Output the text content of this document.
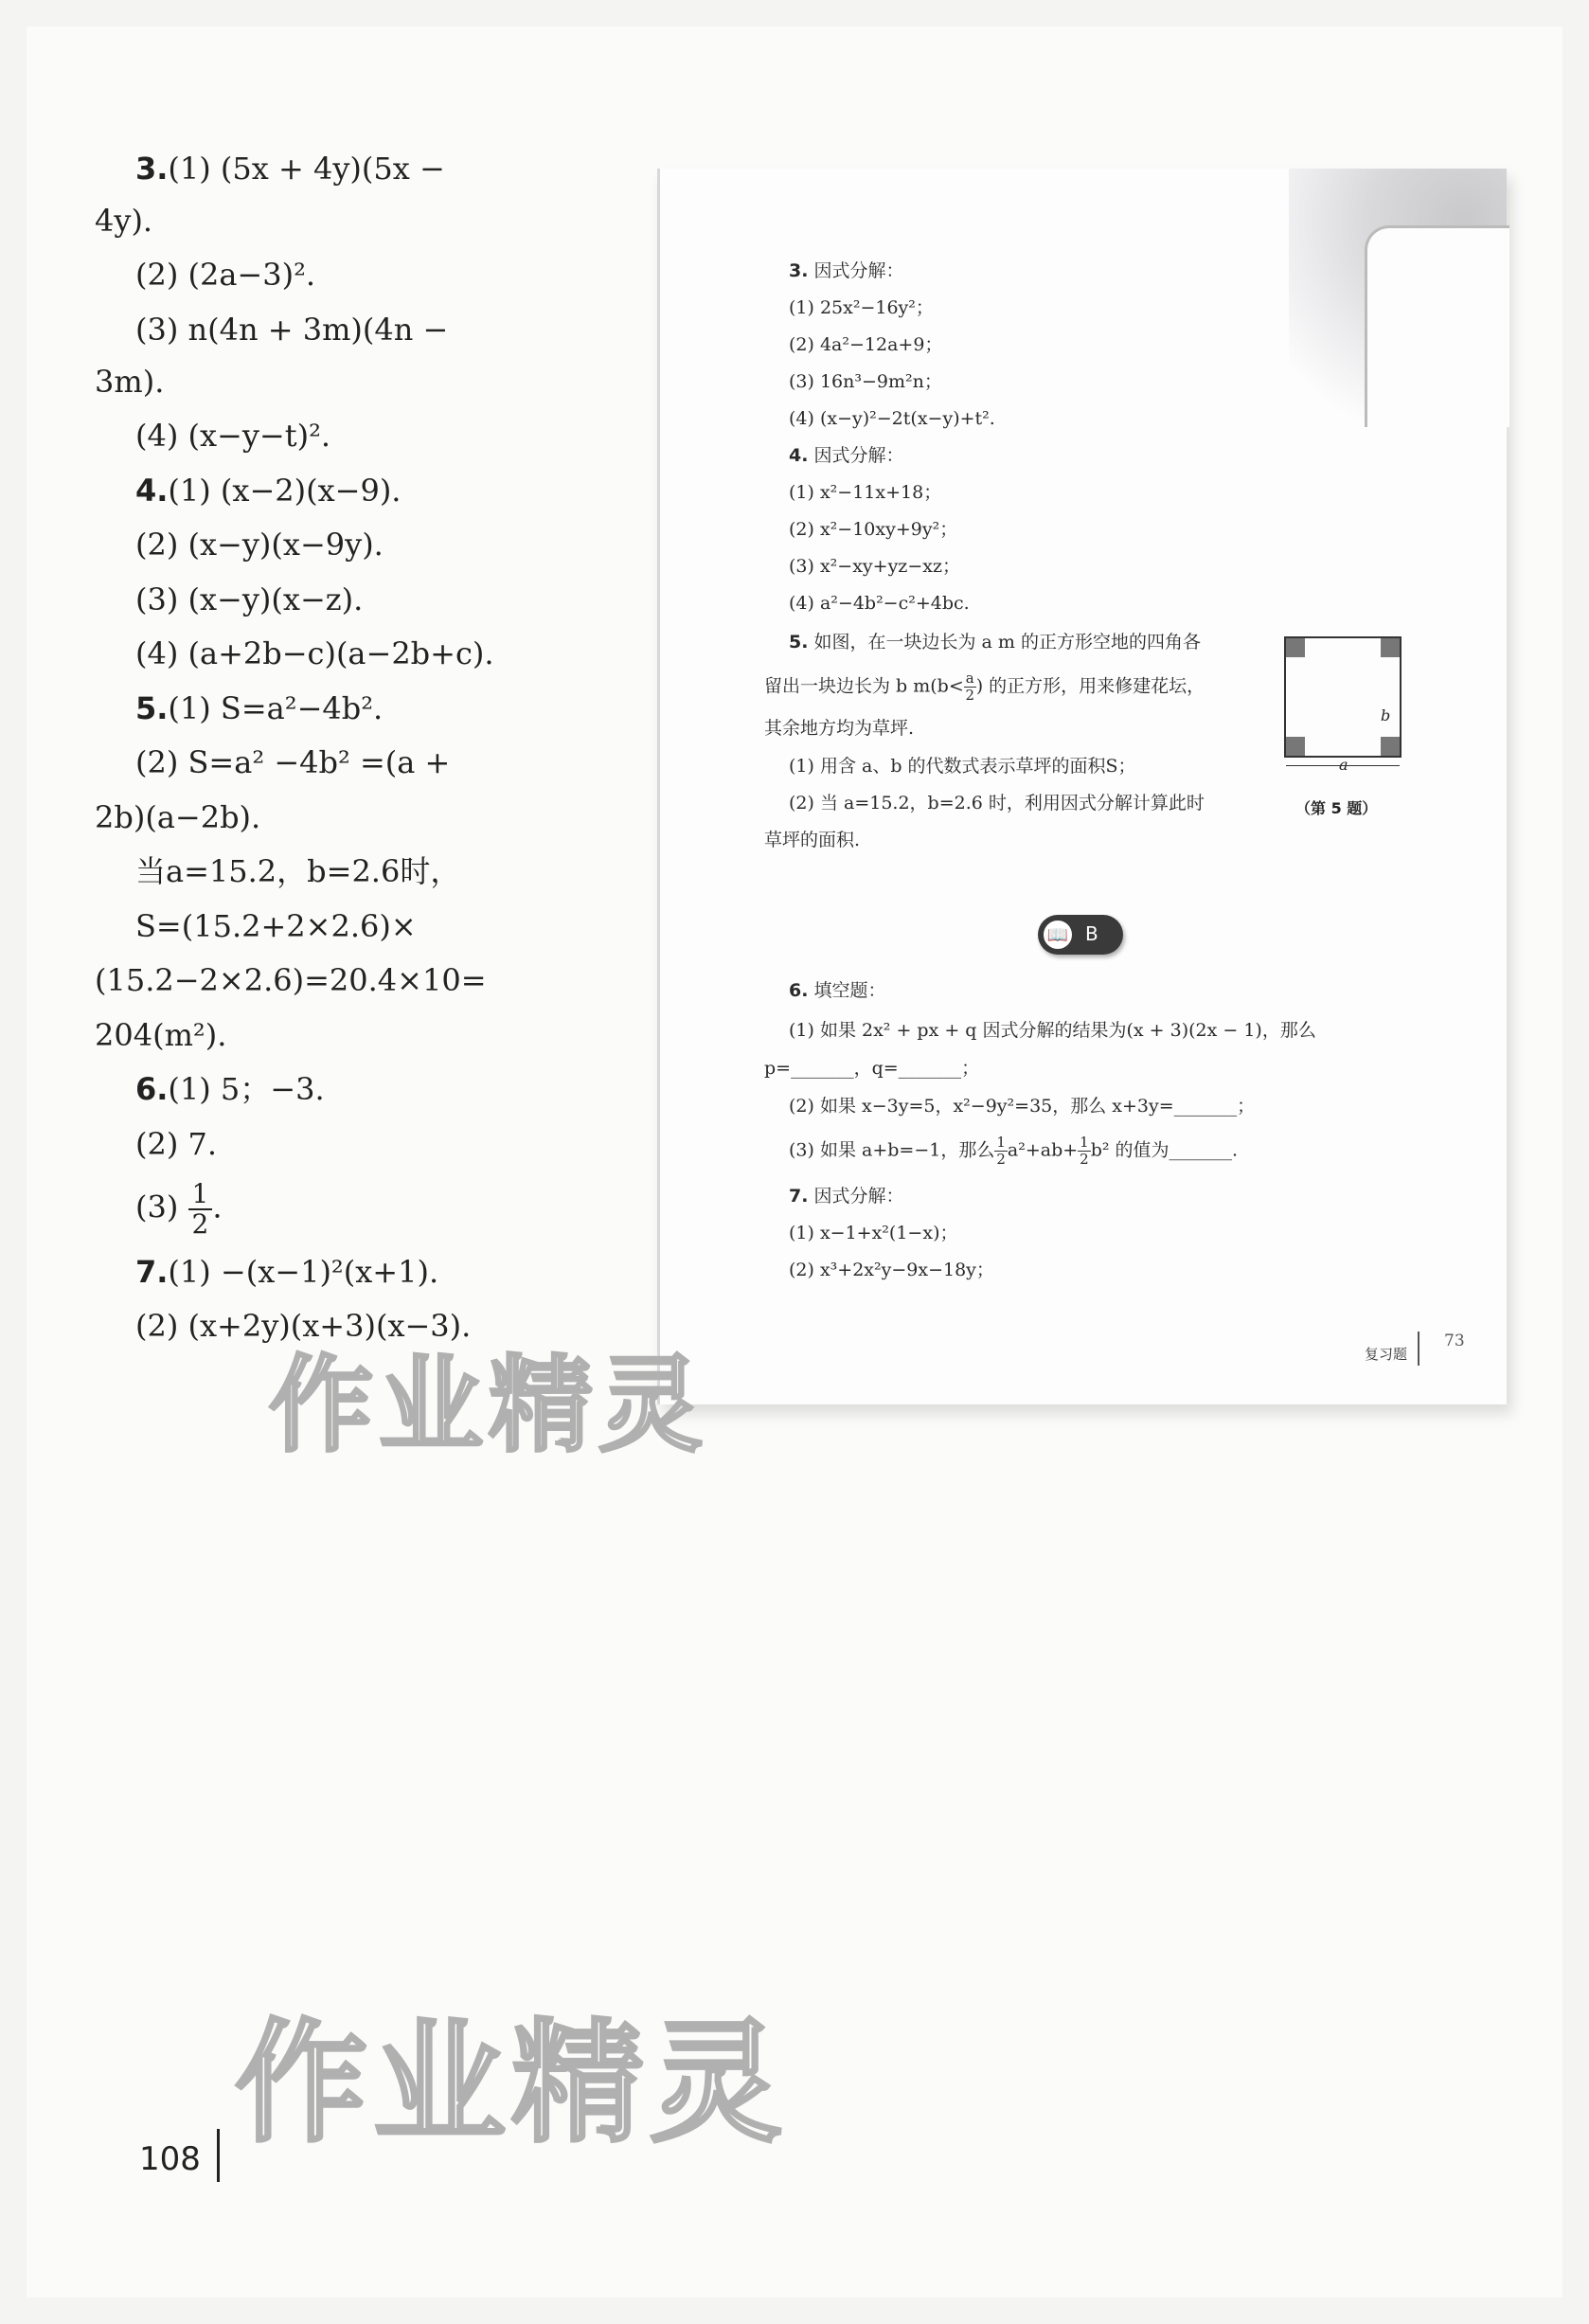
3.(1) (5x + 4y)(5x −
4y).
(2) (2a−3)².
(3) n(4n + 3m)(4n −
3m).
(4) (x−y−t)².
4.(1) (x−2)(x−9).
(2) (x−y)(x−9y).
(3) (x−y)(x−z).
(4) (a+2b−c)(a−2b+c).
5.(1) S=a²−4b².
(2) S=a² −4b² =(a +
2b)(a−2b).
当a=15.2，b=2.6时，
S=(15.2+2×2.6)×
(15.2−2×2.6)=20.4×10=
204(m²).
6.(1) 5；−3.
(2) 7.
$(3) \frac{1}{2}$ .
7.(1) −(x−1)²(x+1).
(2) (x+2y)(x+3)(x−3).
3. 因式分解：
(1) 25x²−16y²；
(2) 4a²−12a+9；
(3) 16n³−9m²n；
(4) (x−y)²−2t(x−y)+t².
4. 因式分解：
(1) x²−11x+18；
(2) x²−10xy+9y²；
(3) x²−xy+yz−xz；
(4) a²−4b²−c²+4bc.
5. 如图，在一块边长为 a m 的正方形空地的四角各
留出一块边长为 b $m(b< \frac{a}{2}$ ) 的正方形，用来修建花坛，
其余地方均为草坪.
(1) 用含 a、b 的代数式表示草坪的面积S；
(2) 当 a=15.2，b=2.6 时，利用因式分解计算此时
草坪的面积.
6. 填空题：
(1) 如果 2x² + px + q 因式分解的结果为(x + 3)(2x − 1)，那么
p=_______，q=_______；
(2) 如果 x−3y=5，x²−9y²=35，那么 x+3y=_______；
(3) 如果 a+b=−1，那么 $\frac{1}{2} a^2+ab+ \frac{1}{2} b^2$ 的值为_______.
7. 因式分解：
(1) x−1+x²(1−x)；
(2) x³+2x²y−9x−18y；
复习题
73
b
（第 5 题）
📖 B
作业精灵
作业精灵
108
